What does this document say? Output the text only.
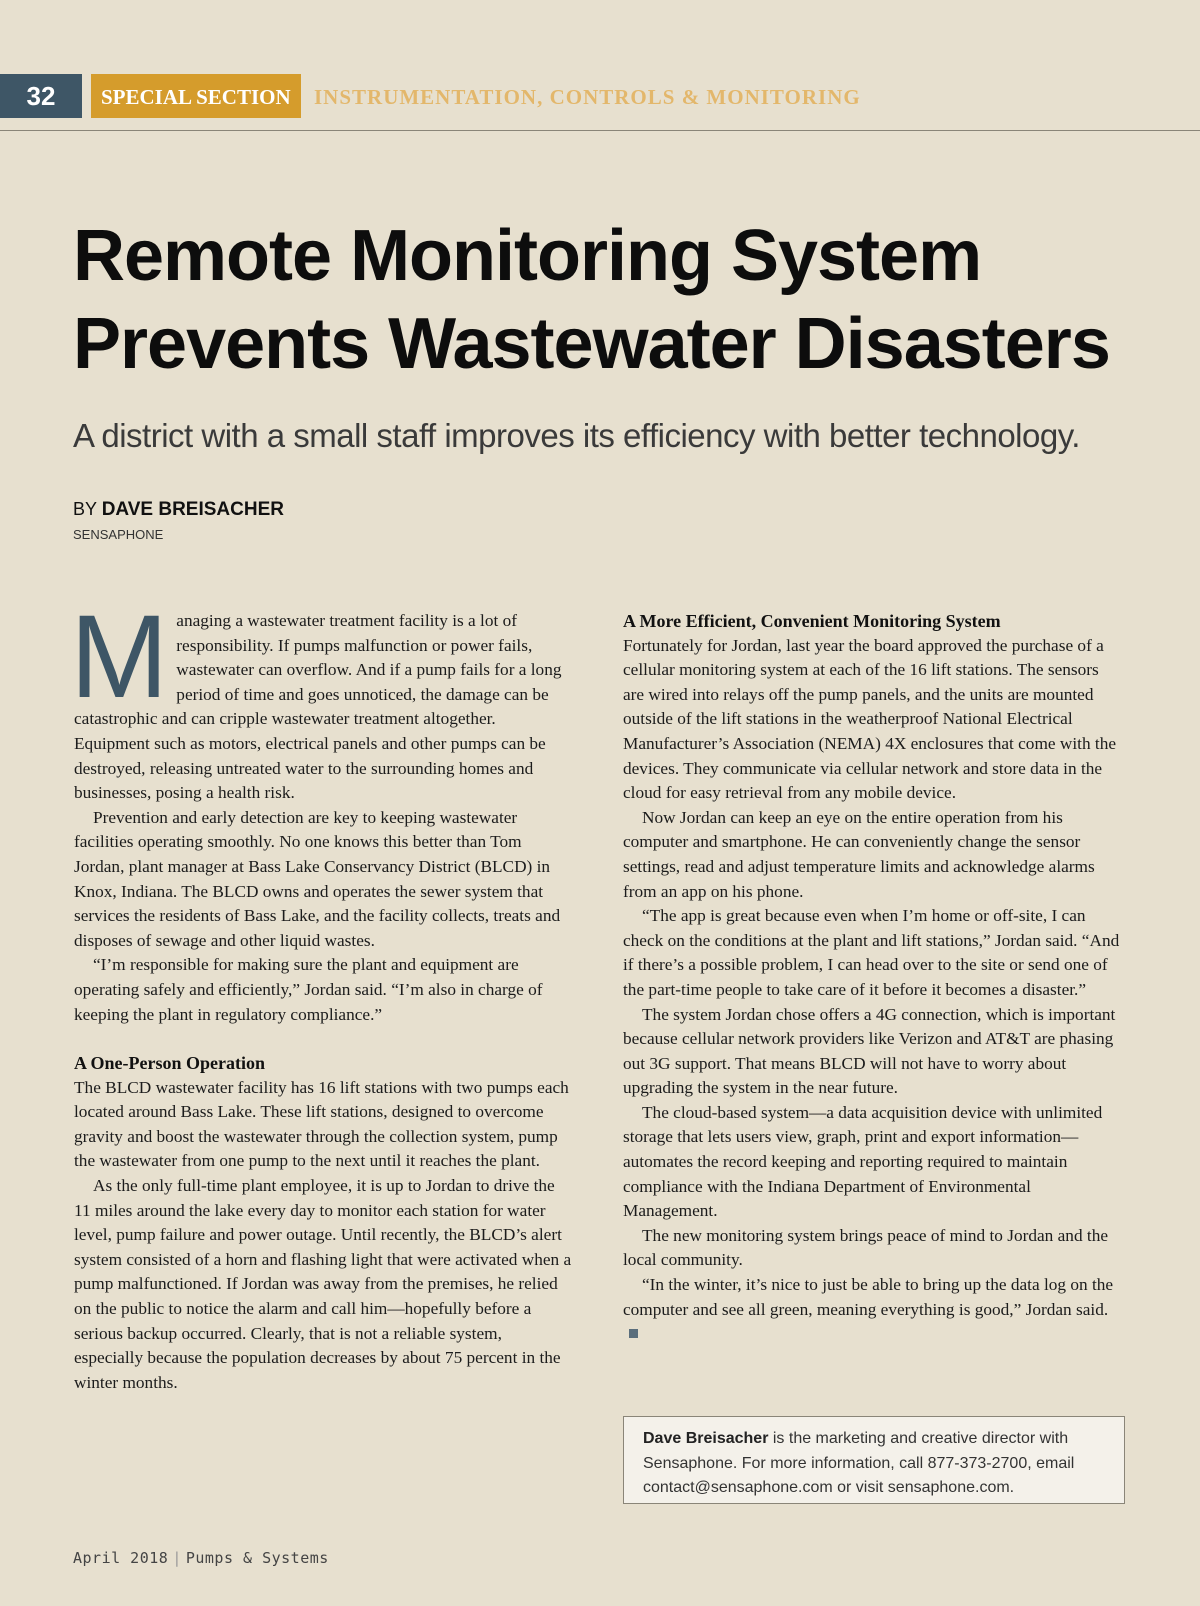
32	SPECIAL SECTION	INSTRUMENTATION, CONTROLS & MONITORING
Remote Monitoring System
Prevents Wastewater Disasters
A district with a small staff improves its efficiency with better technology.
BY DAVE BREISACHER
SENSAPHONE

Managing a wastewater treatment facility is a lot of responsibility. If pumps malfunction or power fails, wastewater can overflow. And if a pump fails for a long period of time and goes unnoticed, the damage can be catastrophic and can cripple wastewater treatment altogether. Equipment such as motors, electrical panels and other pumps can be destroyed, releasing untreated water to the surrounding homes and businesses, posing a health risk.

Prevention and early detection are key to keeping wastewater facilities operating smoothly. No one knows this better than Tom Jordan, plant manager at Bass Lake Conservancy District (BLCD) in Knox, Indiana. The BLCD owns and operates the sewer system that services the residents of Bass Lake, and the facility collects, treats and disposes of sewage and other liquid wastes.

“I’m responsible for making sure the plant and equipment are operating safely and efficiently,” Jordan said. “I’m also in charge of keeping the plant in regulatory compliance.”

A One-Person Operation

The BLCD wastewater facility has 16 lift stations with two pumps each located around Bass Lake. These lift stations, designed to overcome gravity and boost the wastewater through the collection system, pump the wastewater from one pump to the next until it reaches the plant.

As the only full-time plant employee, it is up to Jordan to drive the 11 miles around the lake every day to monitor each station for water level, pump failure and power outage. Until recently, the BLCD’s alert system consisted of a horn and flashing light that were activated when a pump malfunctioned. If Jordan was away from the premises, he relied on the public to notice the alarm and call him—hopefully before a serious backup occurred. Clearly, that is not a reliable system, especially because the population decreases by about 75 percent in the winter months.

A More Efficient, Convenient Monitoring System

Fortunately for Jordan, last year the board approved the purchase of a cellular monitoring system at each of the 16 lift stations. The sensors are wired into relays off the pump panels, and the units are mounted outside of the lift stations in the weatherproof National Electrical Manufacturer’s Association (NEMA) 4X enclosures that come with the devices. They communicate via cellular network and store data in the cloud for easy retrieval from any mobile device.

Now Jordan can keep an eye on the entire operation from his computer and smartphone. He can conveniently change the sensor settings, read and adjust temperature limits and acknowledge alarms from an app on his phone.

“The app is great because even when I’m home or off-site, I can check on the conditions at the plant and lift stations,” Jordan said. “And if there’s a possible problem, I can head over to the site or send one of the part-time people to take care of it before it becomes a disaster.”

The system Jordan chose offers a 4G connection, which is important because cellular network providers like Verizon and AT&T are phasing out 3G support. That means BLCD will not have to worry about upgrading the system in the near future.

The cloud-based system—a data acquisition device with unlimited storage that lets users view, graph, print and export information—automates the record keeping and reporting required to maintain compliance with the Indiana Department of Environmental Management.

The new monitoring system brings peace of mind to Jordan and the local community.

“In the winter, it’s nice to just be able to bring up the data log on the computer and see all green, meaning everything is good,” Jordan said.

Dave Breisacher is the marketing and creative director with Sensaphone. For more information, call 877-373-2700, email contact@sensaphone.com or visit sensaphone.com.
April 2018 | Pumps & Systems
